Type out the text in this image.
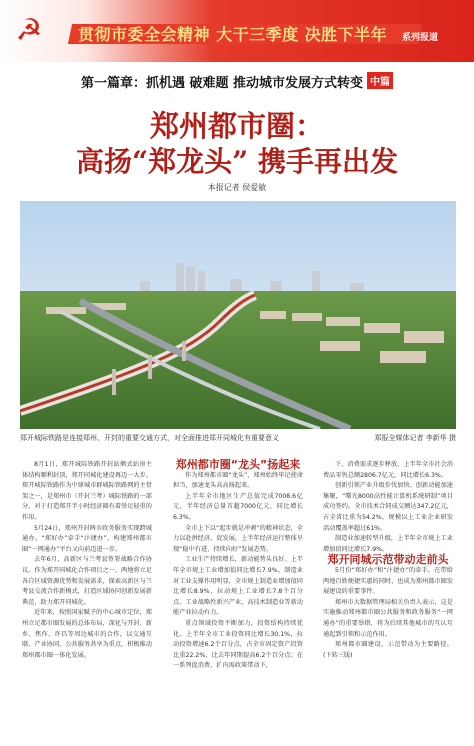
☭ 贯彻市委全会精神 大干三季度 决胜下半年 系列报道
第一篇章：抓机遇 破难题 推动城市发展方式转变 中篇
郑州都市圈：
高扬“郑龙头” 携手再出发
本报记者 侯爱敏
郑开城际铁路是连接郑州、开封的重要交通方式，对全面推进郑开同城化有重要意义	郑报全媒体记者 李新华 摄

8月1日，郑开城际铁路开封站侧式站房主体结构顺利封顶，郑开同城化建设再迈一大步。郑开城际铁路作为中原城市群城际铁路网的主骨架之一，是郑州市（开封兰考）城际铁路的一部分，对于打造郑开半小时经济圈有着举足轻重的作用。

5月24日，郑州开封两市政务服务实现跨城通办。“郑好办”牵手“汴捷办”，构建郑州都市圈“一网通办”平台又向前迈进一步。

去年6月，高新区与兰考县签署战略合作协议。作为郑开同城化合作项目之一，两地将立足各自区域资源优势和发展需求，探索高新区与兰考县交流合作新模式，打造区域协同创新发展新典范，助力郑开同城化。

近年来，按照国家赋予的中心城市定位，郑州立足都市圈发展的总体布局，深化与开封、新乡、焦作、许昌等周边城市的合作，以交通互联、产业协同、公共服务共享为重点，积极推动郑州都市圈一体化发展。

郑州都市圈“龙头”扬起来

作为郑州都市圈“龙头”，郑州始终牢记使命担当，加速龙头高高扬起来。

上半年全市地区生产总值完成7008.6亿元，半年经济总量首超7000亿元，同比增长6.3%。

全市上下以“起步就是冲刺”的精神状态，全力以赴拼经济、促发展，上半年经济运行整体呈现“稳中有进、持续向好”发展态势。

工业生产持续增长，新动能势头良好。上半年全市规上工业增加值同比增长7.9%。制造业对工业支撑作用明显，全市规上制造业增加值同比增长8.9%，拉动规上工业增长7.8个百分点。工业战略性新兴产业、高技术制造业等新动能产业拉动有力。

重点领域投资不断加力，投资结构持续优化。上半年全市工业投资同比增长30.1%，拉动投资增速6.2个百分点，占全市固定资产投资比重22.2%，比去年同期提高6.2个百分点；在一系列促消费、扩内需政策带动下，

下，消费需求逐步释放，上半年全市社会消费品零售总额2806.7亿元，同比增长6.3%。

创新引领产业升级步伐加快。创新动能加速集聚，“曙光8000高性能计算机系统研制”项目成功签约。全市技术合同成交额达347.2亿元，占全省比重为54.2%，规模以上工业企业研发活动覆盖率超过61%。

制造业加速转型升级，上半年全市规上工业增加值同比增长7.9%。

郑开同城示范带动走前头

5月份“郑好办”和“汴捷办”的牵手，在带给两地百姓便捷实惠的同时，也成为郑州都市圈发展建设的重要事件。

郑州市大数据管理局相关负责人表示，这是实施推动郑州都市圈公共服务和政务服务“一网通办”的重要举措，将为后续其他城市的互认互通起到引领和示范作用。

郑州都市圈建设，示范带动为主要路径。(下转三版)
